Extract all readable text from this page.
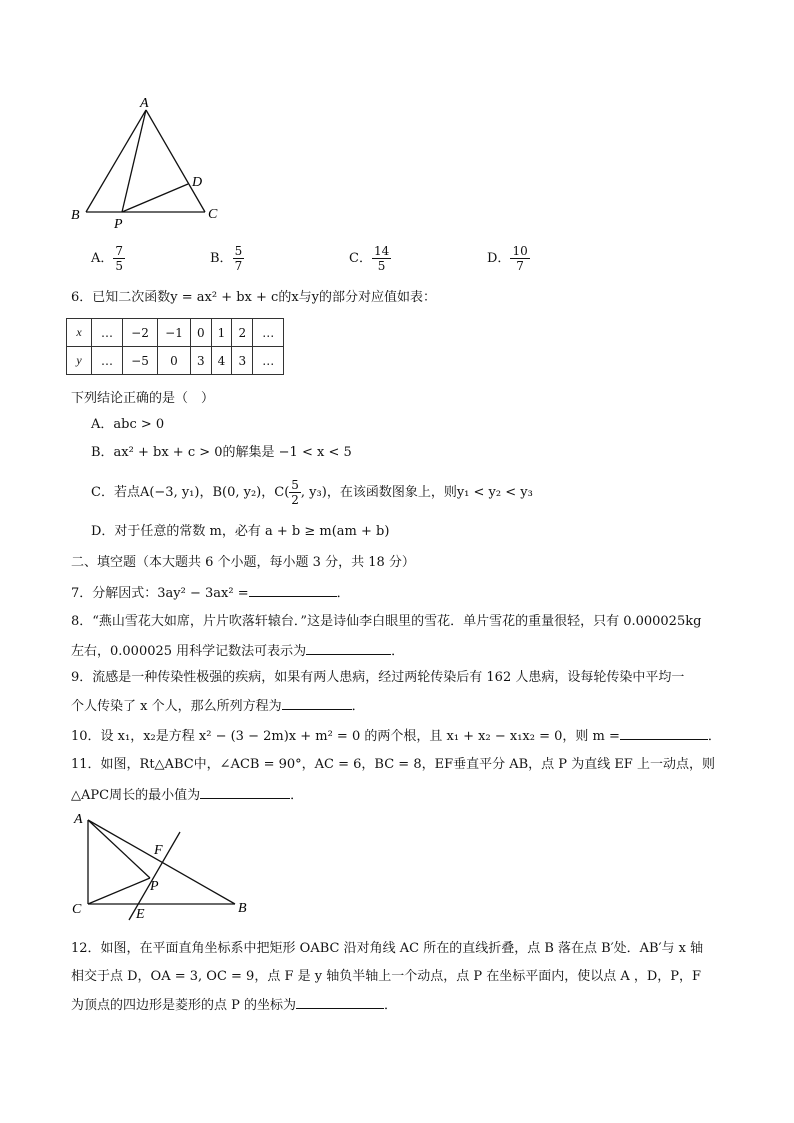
A
B	C
D
P
A． $\frac{7}{5}$	B． $\frac{5}{7}$	C． $\frac{14}{5}$	D． $\frac{10}{7}$
6．已知二次函数y = ax² + bx + c的x与y的部分对应值如表：
x	…	−2	−1	0	1	2	…
y	…	−5	0	3	4	3	…
下列结论正确的是（　）
A．abc > 0
B．ax² + bx + c > 0的解集是 −1 < x < 5
C．若点A(−3, y₁)，B(0, y₂)，$C( \frac{5}{2}$ , y₃)，在该函数图象上，则y₁ < y₂ < y₃
D．对于任意的常数 m，必有 a + b ≥ m(am + b)
二、填空题（本大题共 6 个小题，每小题 3 分，共 18 分）
7．分解因式：3ay² − 3ax² =	．
8．“燕山雪花大如席，片片吹落轩辕台．”这是诗仙李白眼里的雪花．单片雪花的重量很轻，只有 0.000025kg
左右，0.000025 用科学记数法可表示为	．
9．流感是一种传染性极强的疾病，如果有两人患病，经过两轮传染后有 162 人患病，设每轮传染中平均一
个人传染了 x 个人，那么所列方程为	．
10．设 x₁，x₂是方程 x² − (3 − 2m)x + m² = 0 的两个根，且 x₁ + x₂ − x₁x₂ = 0，则 m =	．
11．如图，Rt△ABC中，∠ACB = 90°，AC = 6，BC = 8，EF垂直平分 AB，点 P 为直线 EF 上一动点，则
△APC周长的最小值为	．
A
C	B
F
P
E
12．如图，在平面直角坐标系中把矩形 OABC 沿对角线 AC 所在的直线折叠，点 B 落在点 B′处．AB′与 x 轴
相交于点 D，OA = 3, OC = 9，点 F 是 y 轴负半轴上一个动点，点 P 在坐标平面内，使以点 A ，D，P，F
为顶点的四边形是菱形的点 P 的坐标为	．
